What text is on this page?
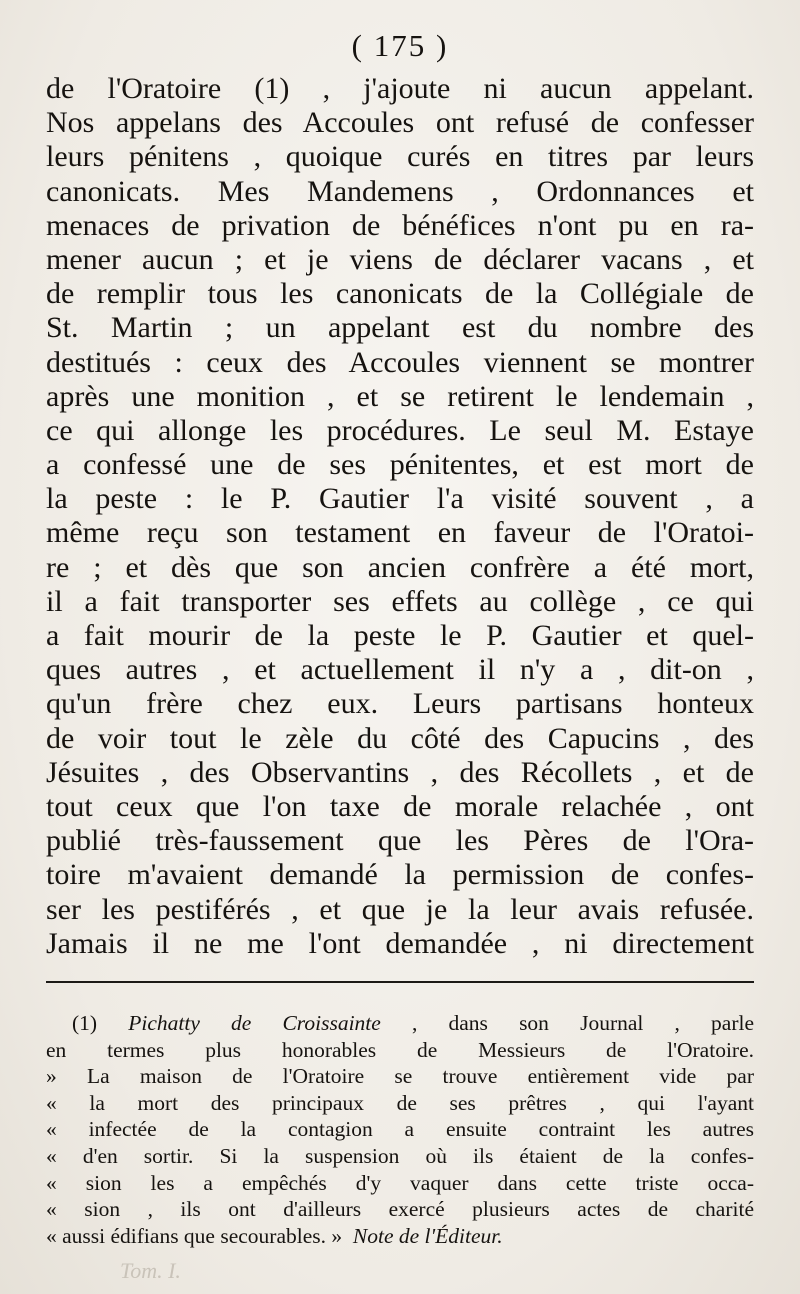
( 175 )
de l'Oratoire (1) , j'ajoute ni aucun appelant.
Nos appelans des Accoules ont refusé de confesser
leurs pénitens , quoique curés en titres par leurs
canonicats. Mes Mandemens , Ordonnances et
menaces de privation de bénéfices n'ont pu en ra-
mener aucun ; et je viens de déclarer vacans , et
de remplir tous les canonicats de la Collégiale de
St. Martin ; un appelant est du nombre des
destitués : ceux des Accoules viennent se montrer
après une monition , et se retirent le lendemain ,
ce qui allonge les procédures. Le seul M. Estaye
a confessé une de ses pénitentes, et est mort de
la peste : le P. Gautier l'a visité souvent , a
même reçu son testament en faveur de l'Oratoi-
re ; et dès que son ancien confrère a été mort,
il a fait transporter ses effets au collège , ce qui
a fait mourir de la peste le P. Gautier et quel-
ques autres , et actuellement il n'y a , dit-on ,
qu'un frère chez eux. Leurs partisans honteux
de voir tout le zèle du côté des Capucins , des
Jésuites , des Observantins , des Récollets , et de
tout ceux que l'on taxe de morale relachée , ont
publié très-faussement que les Pères de l'Ora-
toire m'avaient demandé la permission de confes-
ser les pestiférés , et que je la leur avais refusée.
Jamais il ne me l'ont demandée , ni directement
(1) Pichatty de Croissainte , dans son Journal , parle
en termes plus honorables de Messieurs de l'Oratoire.
» La maison de l'Oratoire se trouve entièrement vide par
« la mort des principaux de ses prêtres , qui l'ayant
« infectée de la contagion a ensuite contraint les autres
« d'en sortir. Si la suspension où ils étaient de la confes-
« sion les a empêchés d'y vaquer dans cette triste occa-
« sion , ils ont d'ailleurs exercé plusieurs actes de charité
« aussi édifians que secourables. » Note de l'Éditeur.
Tom. I.
